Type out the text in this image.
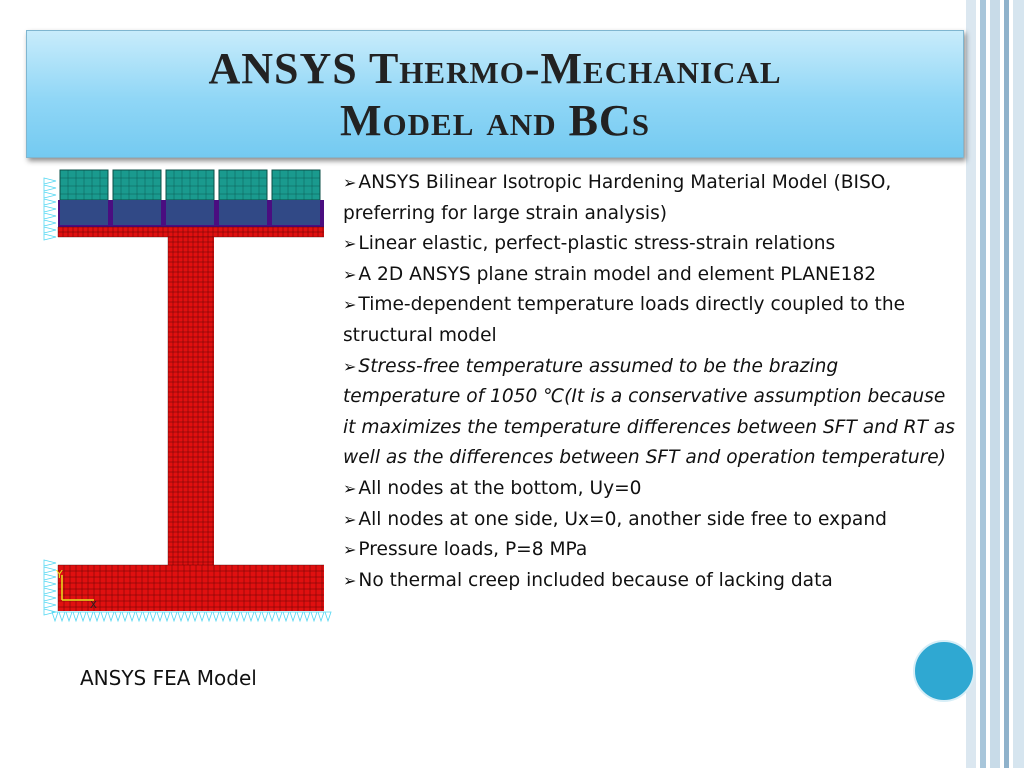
ANSYS Thermo-Mechanical
Model and BCs
Y
X
ANSYS FEA Model

➢ ANSYS Bilinear Isotropic Hardening Material Model (BISO, preferring for large strain analysis)

➢ Linear elastic, perfect-plastic stress-strain relations

➢ A 2D ANSYS plane strain model and element PLANE182

➢ Time-dependent temperature loads directly coupled to the structural model

➢ Stress-free temperature assumed to be the brazing temperature of 1050 ℃(It is a conservative assumption because it maximizes the temperature differences between SFT and RT as well as the differences between SFT and operation temperature)

➢ All nodes at the bottom, Uy=0

➢ All nodes at one side, Ux=0, another side free to expand

➢ Pressure loads, P=8 MPa

➢ No thermal creep included because of lacking data
